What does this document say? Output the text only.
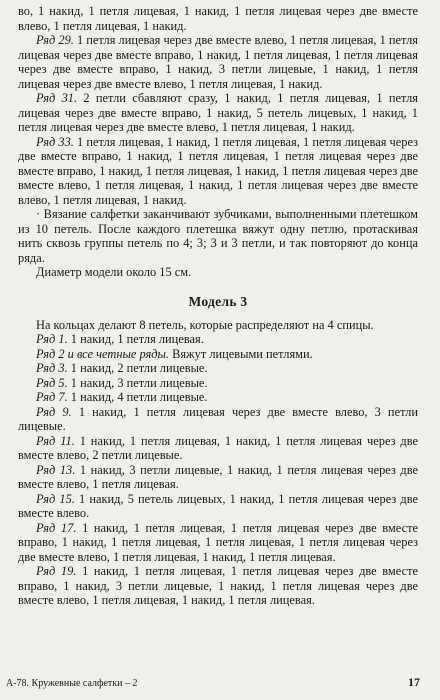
во, 1 накид, 1 петля лицевая, 1 накид, 1 петля лицевая через две вместе влево, 1 петля лицевая, 1 накид.

Ряд 29. 1 петля лицевая через две вместе влево, 1 петля лицевая, 1 петля лицевая через две вместе вправо, 1 накид, 1 петля лицевая, 1 петля лицевая через две вместе вправо, 1 накид, 3 петли лицевые, 1 накид, 1 петля лицевая через две вместе влево, 1 петля лицевая, 1 накид.

Ряд 31. 2 петли сбавляют сразу, 1 накид, 1 петля лицевая, 1 петля лицевая через две вместе вправо, 1 накид, 5 петель лицевых, 1 накид, 1 петля лицевая через две вместе влево, 1 петля лицевая, 1 накид.

Ряд 33. 1 петля лицевая, 1 накид, 1 петля лицевая, 1 петля лицевая через две вместе вправо, 1 накид, 1 петля лицевая, 1 петля лицевая через две вместе вправо, 1 накид, 1 петля лицевая, 1 накид, 1 петля лицевая через две вместе влево, 1 петля лицевая, 1 накид, 1 петля лицевая через две вместе влево, 1 петля лицевая, 1 накид.

· Вязание салфетки заканчивают зубчиками, выполненными плетешком из 10 петель. После каждого плетешка вяжут одну петлю, протаскивая нить сквозь группы петель по 4; 3; 3 и 3 петли, и так повторяют до конца ряда.

Диаметр модели около 15 см.

Модель 3

На кольцах делают 8 петель, которые распределяют на 4 спицы.

Ряд 1. 1 накид, 1 петля лицевая.

Ряд 2 и все четные ряды. Вяжут лицевыми петлями.

Ряд 3. 1 накид, 2 петли лицевые.

Ряд 5. 1 накид, 3 петли лицевые.

Ряд 7. 1 накид, 4 петли лицевые.

Ряд 9. 1 накид, 1 петля лицевая через две вместе влево, 3 петли лицевые.

Ряд 11. 1 накид, 1 петля лицевая, 1 накид, 1 петля лицевая через две вместе влево, 2 петли лицевые.

Ряд 13. 1 накид, 3 петли лицевые, 1 накид, 1 петля лицевая через две вместе влево, 1 петля лицевая.

Ряд 15. 1 накид, 5 петель лицевых, 1 накид, 1 петля лицевая через две вместе влево.

Ряд 17. 1 накид, 1 петля лицевая, 1 петля лицевая через две вместе вправо, 1 накид, 1 петля лицевая, 1 петля лицевая, 1 петля лицевая через две вместе влево, 1 петля лицевая, 1 накид, 1 петля лицевая.

Ряд 19. 1 накид, 1 петля лицевая, 1 петля лицевая через две вместе вправо, 1 накид, 3 петли лицевые, 1 накид, 1 петля лицевая через две вместе влево, 1 петля лицевая, 1 накид, 1 петля лицевая.

A-78. Кружевные салфетки – 2	17
